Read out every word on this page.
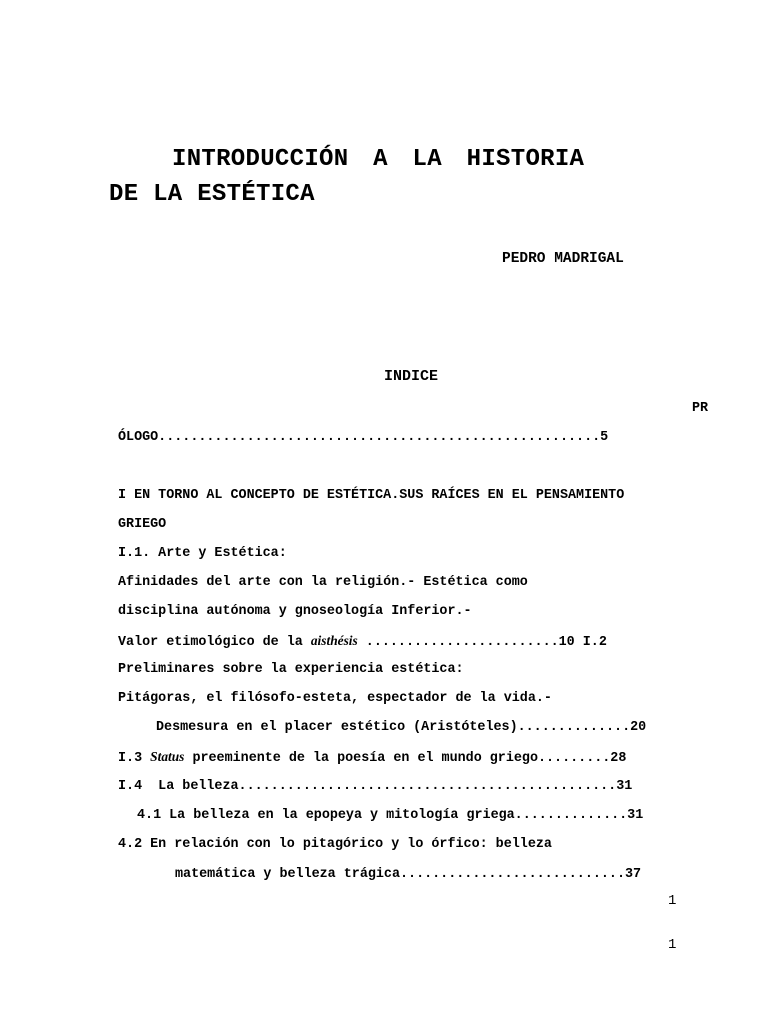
INTRODUCCIÓN A LA HISTORIA
DE LA ESTÉTICA
PEDRO MADRIGAL
INDICE
PR
ÓLOGO.......................................................5
I EN TORNO AL CONCEPTO DE ESTÉTICA.SUS RAÍCES EN EL PENSAMIENTO
GRIEGO
I.1. Arte y Estética:
Afinidades del arte con la religión.- Estética como
disciplina autónoma y gnoseología Inferior.-
Valor etimológico de la aisthésis ........................10 I.2
Preliminares sobre la experiencia estética:
Pitágoras, el filósofo-esteta, espectador de la vida.-
Desmesura en el placer estético (Aristóteles)..............20
I.3 Status preeminente de la poesía en el mundo griego.........28
I.4  La belleza...............................................31
4.1 La belleza en la epopeya y mitología griega..............31
4.2 En relación con lo pitagórico y lo órfico: belleza
matemática y belleza trágica............................37
1
1
